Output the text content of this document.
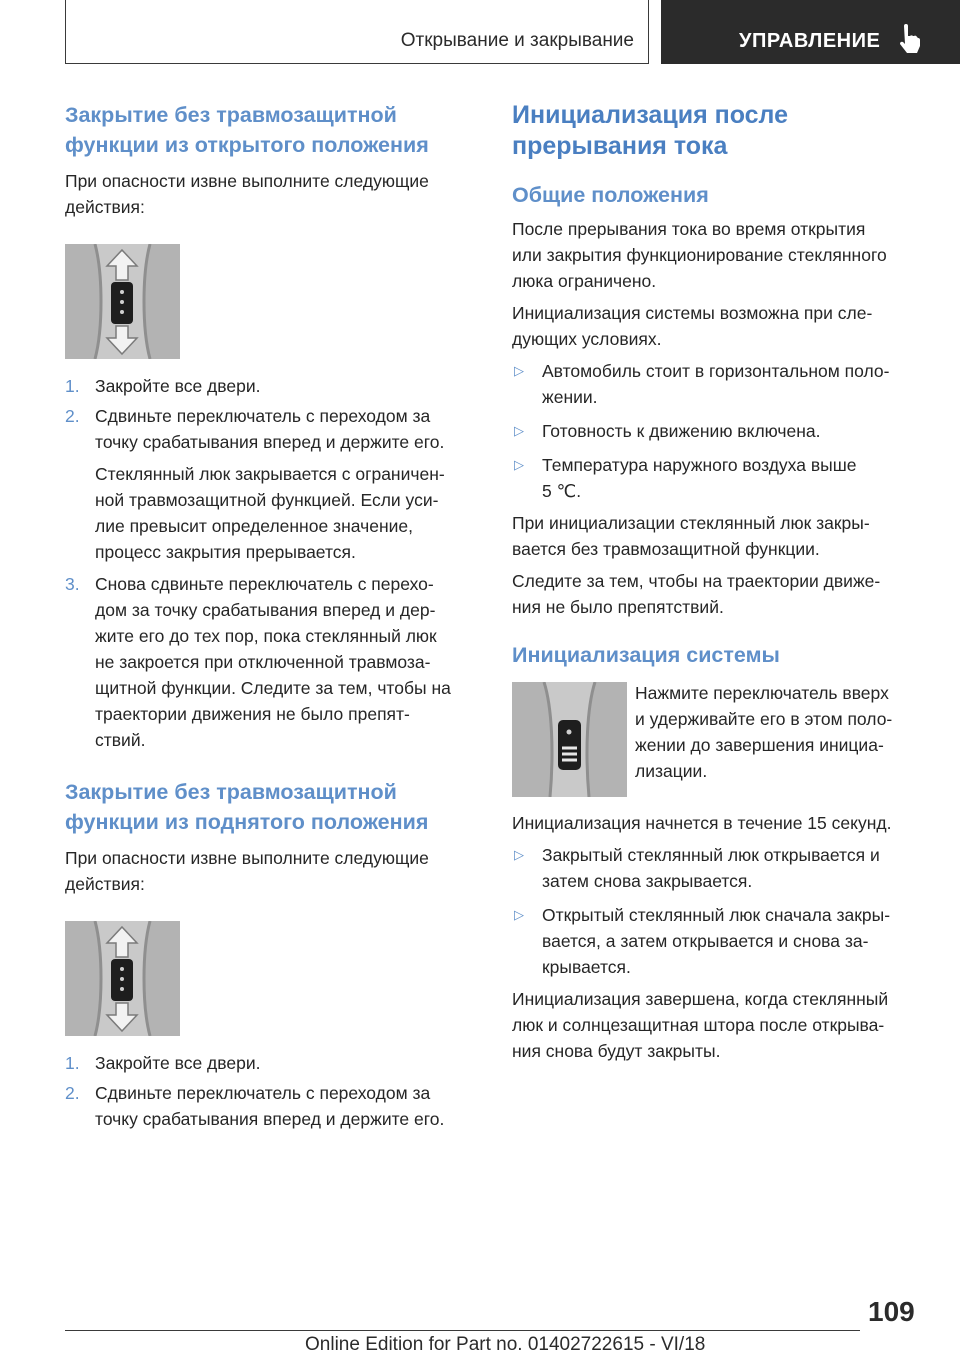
Открывание и закрывание	УПРАВЛЕНИЕ
Закрытие без травмозащитной функции из открытого положения

При опасности извне выполните следующие действия:

1. Закройте все двери.
2. Сдвиньте переключатель с переходом за
точку срабатывания вперед и держите его.
Стеклянный люк закрывается с ограничен-
ной травмозащитной функцией. Если уси-
лие превысит определенное значение,
процесс закрытия прерывается.
3. Снова сдвиньте переключатель с перехо-
дом за точку срабатывания вперед и дер-
жите его до тех пор, пока стеклянный люк
не закроется при отключенной травмоза-
щитной функции. Следите за тем, чтобы на
траектории движения не было препят-
ствий.
Закрытие без травмозащитной функции из поднятого положения

При опасности извне выполните следующие действия:

1. Закройте все двери.
2. Сдвиньте переключатель с переходом за
точку срабатывания вперед и держите его.
Инициализация после прерывания тока
Общие положения

После прерывания тока во время открытия

или закрытия функционирование стеклянного

люка ограничено.

Инициализация системы возможна при сле-

дующих условиях.

▷ Автомобиль стоит в горизонтальном поло-
жении.
▷ Готовность к движению включена.
▷ Температура наружного воздуха выше
5 ℃.

При инициализации стеклянный люк закры-

вается без травмозащитной функции.

Следите за тем, чтобы на траектории движе-

ния не было препятствий.

Инициализация системы

Нажмите переключатель вверх
и удерживайте его в этом поло-
жении до завершения инициа-
лизации.

Инициализация начнется в течение 15 секунд.

▷ Закрытый стеклянный люк открывается и
затем снова закрывается.
▷ Открытый стеклянный люк сначала закры-
вается, а затем открывается и снова за-
крывается.

Инициализация завершена, когда стеклянный

люк и солнцезащитная штора после открыва-

ния снова будут закрыты.

109
Online Edition for Part no. 01402722615 - VI/18
